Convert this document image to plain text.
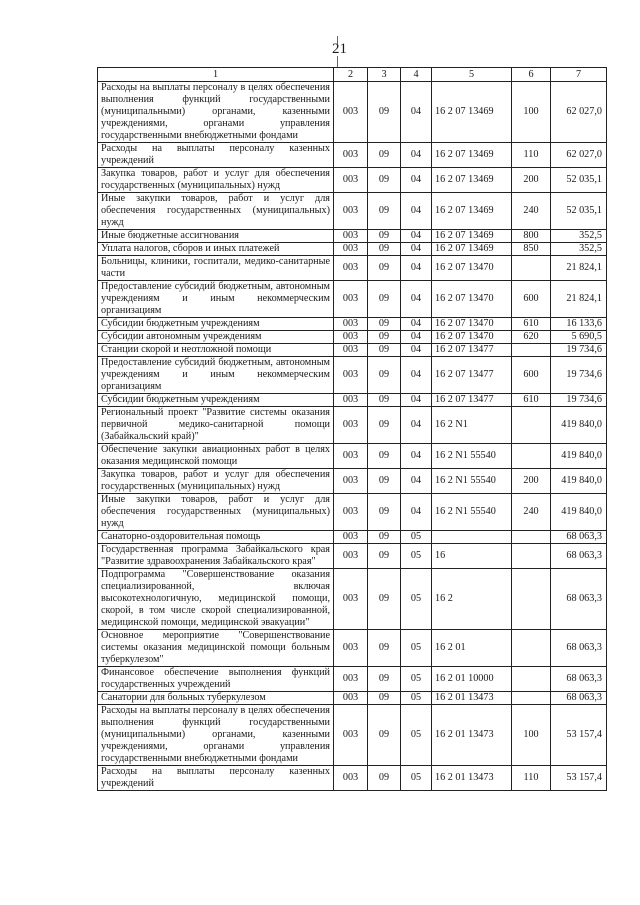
21
1	2	3	4	5	6	7
Расходы на выплаты персоналу в целях обеспечения выполнения функций государственными (муниципальными) органами, казенными учреждениями, органами управления государственными внебюджетными фондами	003	09	04	16 2 07 13469	100	62 027,0
Расходы на выплаты персоналу казенных учреждений	003	09	04	16 2 07 13469	110	62 027,0
Закупка товаров, работ и услуг для обеспечения государственных (муниципальных) нужд	003	09	04	16 2 07 13469	200	52 035,1
Иные закупки товаров, работ и услуг для обеспечения государственных (муниципальных) нужд	003	09	04	16 2 07 13469	240	52 035,1
Иные бюджетные ассигнования	003	09	04	16 2 07 13469	800	352,5
Уплата налогов, сборов и иных платежей	003	09	04	16 2 07 13469	850	352,5
Больницы, клиники, госпитали, медико-санитарные части	003	09	04	16 2 07 13470		21 824,1
Предоставление субсидий бюджетным, автономным учреждениям и иным некоммерческим организациям	003	09	04	16 2 07 13470	600	21 824,1
Субсидии бюджетным учреждениям	003	09	04	16 2 07 13470	610	16 133,6
Субсидии автономным учреждениям	003	09	04	16 2 07 13470	620	5 690,5
Станции скорой и неотложной помощи	003	09	04	16 2 07 13477		19 734,6
Предоставление субсидий бюджетным, автономным учреждениям и иным некоммерческим организациям	003	09	04	16 2 07 13477	600	19 734,6
Субсидии бюджетным учреждениям	003	09	04	16 2 07 13477	610	19 734,6
Региональный проект "Развитие системы оказания первичной медико-санитарной помощи (Забайкальский край)"	003	09	04	16 2 N1		419 840,0
Обеспечение закупки авиационных работ в целях оказания медицинской помощи	003	09	04	16 2 N1 55540		419 840,0
Закупка товаров, работ и услуг для обеспечения государственных (муниципальных) нужд	003	09	04	16 2 N1 55540	200	419 840,0
Иные закупки товаров, работ и услуг для обеспечения государственных (муниципальных) нужд	003	09	04	16 2 N1 55540	240	419 840,0
Санаторно-оздоровительная помощь	003	09	05			68 063,3
Государственная программа Забайкальского края "Развитие здравоохранения Забайкальского края"	003	09	05	16		68 063,3
Подпрограмма "Совершенствование оказания специализированной, включая высокотехнологичную, медицинской помощи, скорой, в том числе скорой специализированной, медицинской помощи, медицинской эвакуации"	003	09	05	16 2		68 063,3
Основное мероприятие "Совершенствование системы оказания медицинской помощи больным туберкулезом"	003	09	05	16 2 01		68 063,3
Финансовое обеспечение выполнения функций государственных учреждений	003	09	05	16 2 01 10000		68 063,3
Санатории для больных туберкулезом	003	09	05	16 2 01 13473		68 063,3
Расходы на выплаты персоналу в целях обеспечения выполнения функций государственными (муниципальными) органами, казенными учреждениями, органами управления государственными внебюджетными фондами	003	09	05	16 2 01 13473	100	53 157,4
Расходы на выплаты персоналу казенных учреждений	003	09	05	16 2 01 13473	110	53 157,4
